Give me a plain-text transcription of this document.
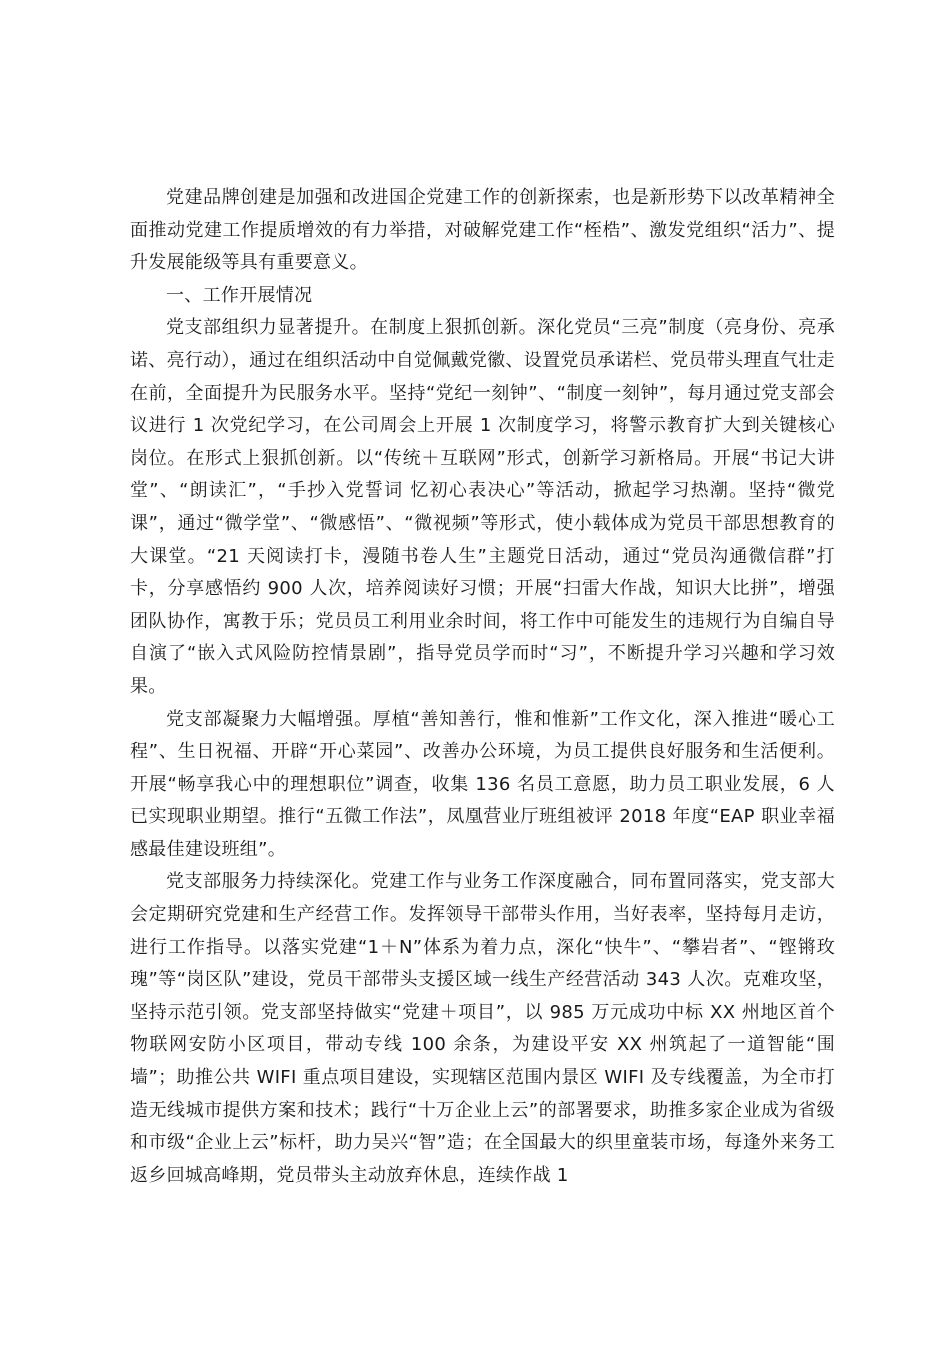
党建品牌创建是加强和改进国企党建工作的创新探索，也是新形势下以改革精神全面推动党建工作提质增效的有力举措，对破解党建工作“桎梏”、激发党组织“活力”、提升发展能级等具有重要意义。

一、工作开展情况

党支部组织力显著提升。在制度上狠抓创新。深化党员“三亮”制度（亮身份、亮承诺、亮行动），通过在组织活动中自觉佩戴党徽、设置党员承诺栏、党员带头理直气壮走在前，全面提升为民服务水平。坚持“党纪一刻钟”、“制度一刻钟”，每月通过党支部会议进行 1 次党纪学习，在公司周会上开展 1 次制度学习，将警示教育扩大到关键核心岗位。在形式上狠抓创新。以“传统＋互联网”形式，创新学习新格局。开展“书记大讲堂”、“朗读汇”，“手抄入党誓词 忆初心表决心”等活动，掀起学习热潮。坚持“微党课”，通过“微学堂”、“微感悟”、“微视频”等形式，使小载体成为党员干部思想教育的大课堂。“21 天阅读打卡，漫随书卷人生”主题党日活动，通过“党员沟通微信群”打卡，分享感悟约 900 人次，培养阅读好习惯；开展“扫雷大作战，知识大比拼”，增强团队协作，寓教于乐；党员员工利用业余时间，将工作中可能发生的违规行为自编自导自演了“嵌入式风险防控情景剧”，指导党员学而时“习”，不断提升学习兴趣和学习效果。

党支部凝聚力大幅增强。厚植“善知善行，惟和惟新”工作文化，深入推进“暖心工程”、生日祝福、开辟“开心菜园”、改善办公环境，为员工提供良好服务和生活便利。开展“畅享我心中的理想职位”调查，收集 136 名员工意愿，助力员工职业发展，6 人已实现职业期望。推行“五微工作法”，凤凰营业厅班组被评 2018 年度“EAP 职业幸福感最佳建设班组”。

党支部服务力持续深化。党建工作与业务工作深度融合，同布置同落实，党支部大会定期研究党建和生产经营工作。发挥领导干部带头作用，当好表率，坚持每月走访，进行工作指导。以落实党建“1＋N”体系为着力点，深化“快牛”、“攀岩者”、“铿锵玫瑰”等“岗区队”建设，党员干部带头支援区域一线生产经营活动 343 人次。克难攻坚，坚持示范引领。党支部坚持做实“党建＋项目”，以 985 万元成功中标 XX 州地区首个物联网安防小区项目，带动专线 100 余条，为建设平安 XX 州筑起了一道智能“围墙”；助推公共 WIFI 重点项目建设，实现辖区范围内景区 WIFI 及专线覆盖，为全市打造无线城市提供方案和技术；践行“十万企业上云”的部署要求，助推多家企业成为省级和市级“企业上云”标杆，助力吴兴“智”造；在全国最大的织里童装市场，每逢外来务工返乡回城高峰期，党员带头主动放弃休息，连续作战 1
